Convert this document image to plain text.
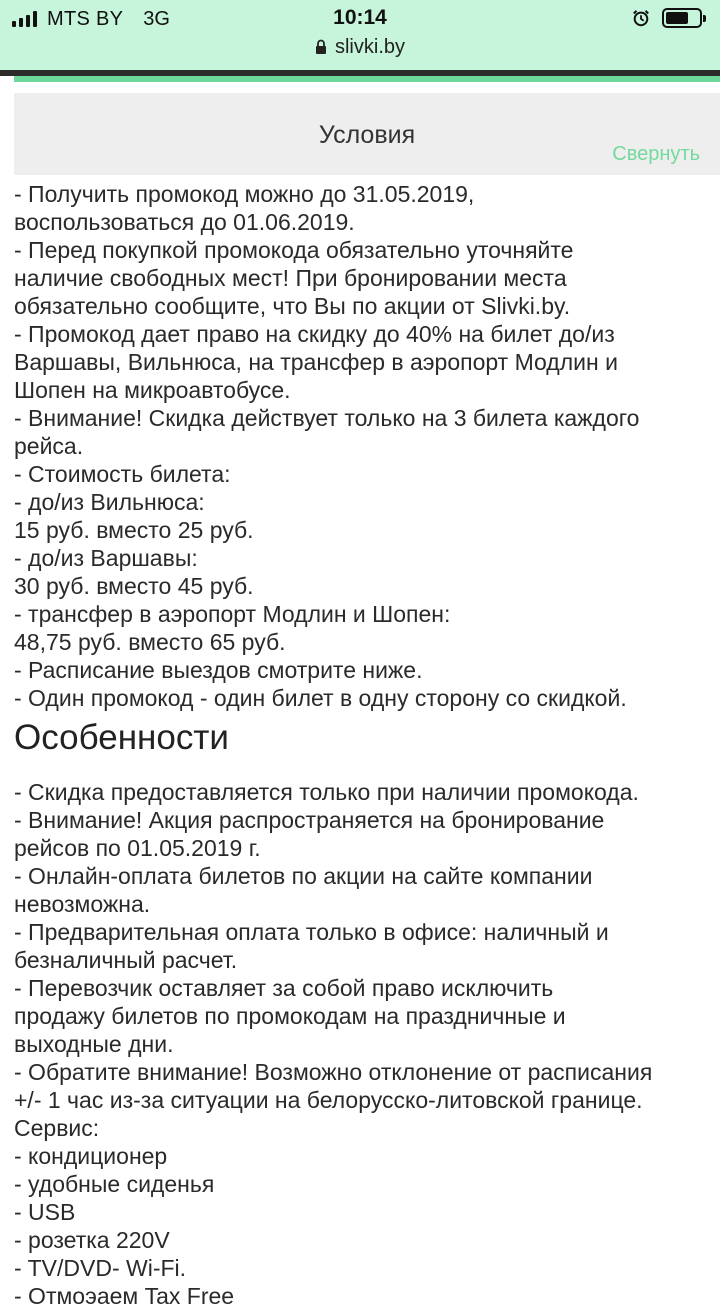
MTS BY 3G	10:14
slivki.by
Условия
Свернуть
- Получить промокод можно до 31.05.2019,
воспользоваться до 01.06.2019.
- Перед покупкой промокода обязательно уточняйте
наличие свободных мест! При бронировании места
обязательно сообщите, что Вы по акции от Slivki.by.
- Промокод дает право на скидку до 40% на билет до/из
Варшавы, Вильнюса, на трансфер в аэропорт Модлин и
Шопен на микроавтобусе.
- Внимание! Скидка действует только на 3 билета каждого
рейса.
- Стоимость билета:
- до/из Вильнюса:
15 руб. вместо 25 руб.
- до/из Варшавы:
30 руб. вместо 45 руб.
- трансфер в аэропорт Модлин и Шопен:
48,75 руб. вместо 65 руб.
- Расписание выездов смотрите ниже.
- Один промокод - один билет в одну сторону со скидкой.
Особенности
- Скидка предоставляется только при наличии промокода.
- Внимание! Акция распространяется на бронирование
рейсов по 01.05.2019 г.
- Онлайн-оплата билетов по акции на сайте компании
невозможна.
- Предварительная оплата только в офисе: наличный и
безналичный расчет.
- Перевозчик оставляет за собой право исключить
продажу билетов по промокодам на праздничные и
выходные дни.
- Обратите внимание! Возможно отклонение от расписания
+/- 1 час из-за ситуации на белорусско-литовской границе.
Сервис:
- кондиционер
- удобные сиденья
- USB
- розетка 220V
- TV/DVD- Wi-Fi.
- Отмоэаем Tax Free
